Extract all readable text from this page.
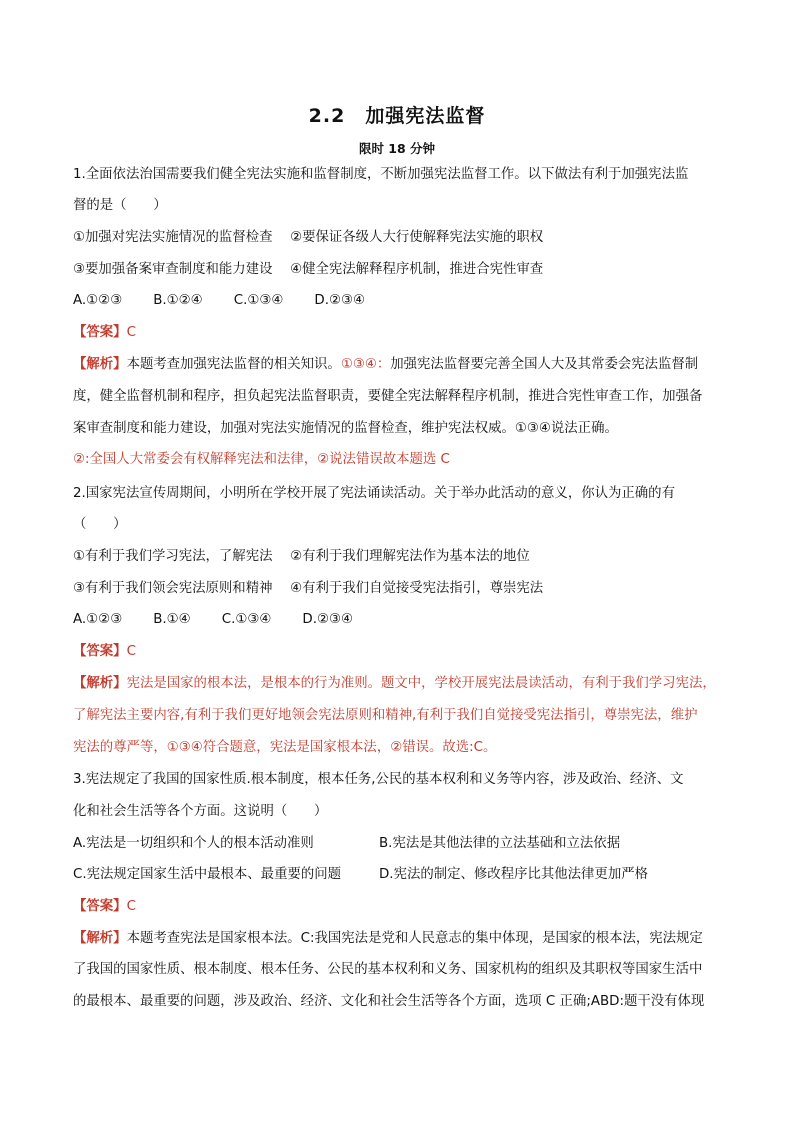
2.2　加强宪法监督
限时 18 分钟
1.全面依法治国需要我们健全宪法实施和监督制度，不断加强宪法监督工作。以下做法有利于加强宪法监
督的是（　　）
①加强对宪法实施情况的监督检查　 ②要保证各级人大行使解释宪法实施的职权
③要加强备案审查制度和能力建设　 ④健全宪法解释程序机制，推进合宪性审查
A.①②③　　 B.①②④　　 C.①③④　　 D.②③④
【答案】C
【解析】本题考查加强宪法监督的相关知识。①③④：加强宪法监督要完善全国人大及其常委会宪法监督制
度，健全监督机制和程序，担负起宪法监督职责，要健全宪法解释程序机制，推进合宪性审查工作，加强备
案审查制度和能力建设，加强对宪法实施情况的监督检查，维护宪法权威。①③④说法正确。
②:全国人大常委会有权解释宪法和法律，②说法错误故本题选 C
2.国家宪法宣传周期间，小明所在学校开展了宪法诵读活动。关于举办此活动的意义，你认为正确的有
（　　）
①有利于我们学习宪法，了解宪法　 ②有利于我们理解宪法作为基本法的地位
③有利于我们领会宪法原则和精神　 ④有利于我们自觉接受宪法指引，尊崇宪法
A.①②③　　 B.①④　　 C.①③④　　 D.②③④
【答案】C
【解析】宪法是国家的根本法，是根本的行为准则。题文中，学校开展宪法晨读活动，有利于我们学习宪法，
了解宪法主要内容,有利于我们更好地领会宪法原则和精神,有利于我们自觉接受宪法指引，尊崇宪法，维护
宪法的尊严等，①③④符合题意，宪法是国家根本法，②错误。故选:C。
3.宪法规定了我国的国家性质.根本制度，根本任务,公民的基本权利和义务等内容，涉及政治、经济、文
化和社会生活等各个方面。这说明（　　）
A.宪法是一切组织和个人的根本活动准则	B.宪法是其他法律的立法基础和立法依据
C.宪法规定国家生活中最根本、最重要的问题	D.宪法的制定、修改程序比其他法律更加严格
【答案】C
【解析】本题考查宪法是国家根本法。C:我国宪法是党和人民意志的集中体现，是国家的根本法，宪法规定
了我国的国家性质、根本制度、根本任务、公民的基本权利和义务、国家机构的组织及其职权等国家生活中
的最根本、最重要的问题，涉及政治、经济、文化和社会生活等各个方面，选项 C 正确;ABD:题干没有体现
